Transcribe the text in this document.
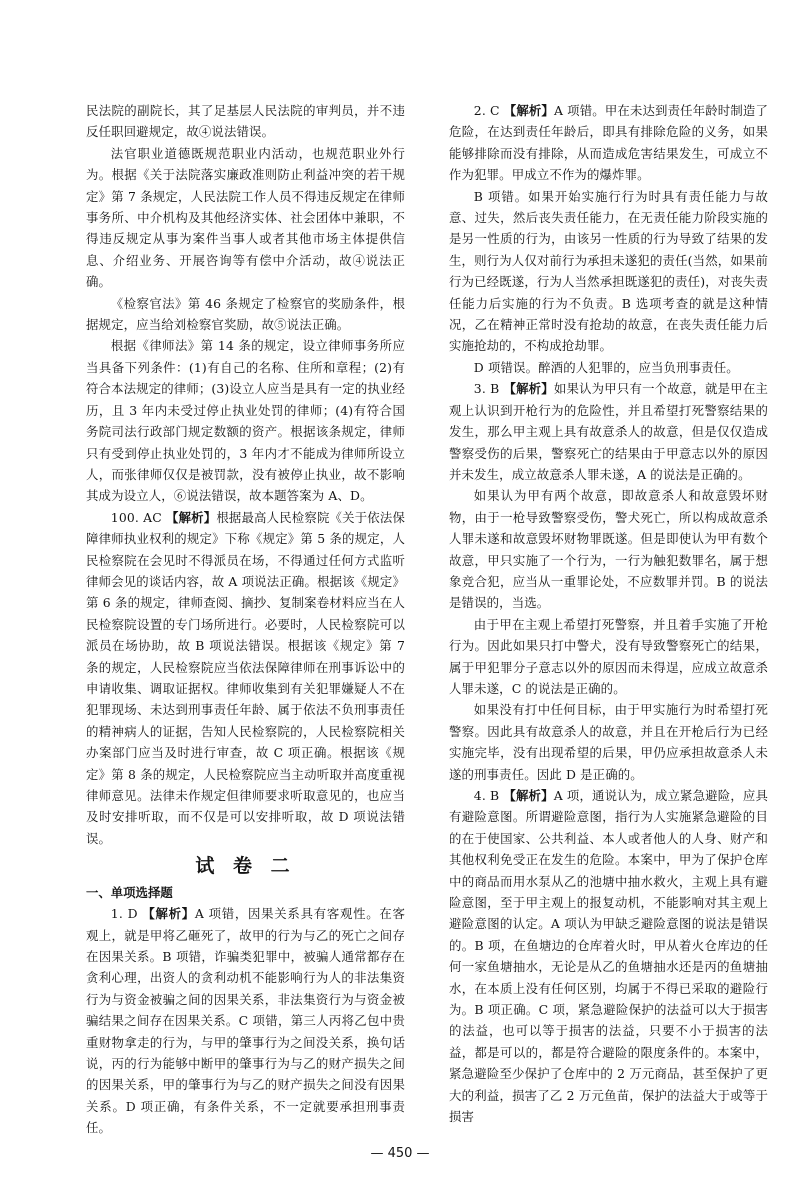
民法院的副院长，其了足基层人民法院的审判员，并不违反任职回避规定，故④说法错误。

法官职业道德既规范职业内活动，也规范职业外行为。根据《关于法院落实廉政准则防止利益冲突的若干规定》第 7 条规定，人民法院工作人员不得违反规定在律师事务所、中介机构及其他经济实体、社会团体中兼职，不得违反规定从事为案件当事人或者其他市场主体提供信息、介绍业务、开展咨询等有偿中介活动，故④说法正确。

《检察官法》第 46 条规定了检察官的奖励条件，根据规定，应当给刘检察官奖励，故⑤说法正确。

根据《律师法》第 14 条的规定，设立律师事务所应当具备下列条件：(1)有自己的名称、住所和章程；(2)有符合本法规定的律师；(3)设立人应当是具有一定的执业经历，且 3 年内未受过停止执业处罚的律师；(4)有符合国务院司法行政部门规定数额的资产。根据该条规定，律师只有受到停止执业处罚的，3 年内才不能成为律师所设立人，而张律师仅仅是被罚款，没有被停止执业，故不影响其成为设立人，⑥说法错误，故本题答案为 A、D。

100. AC 【解析】根据最高人民检察院《关于依法保障律师执业权利的规定》下称《规定》第 5 条的规定，人民检察院在会见时不得派员在场，不得通过任何方式监听律师会见的谈话内容，故 A 项说法正确。根据该《规定》第 6 条的规定，律师查阅、摘抄、复制案卷材料应当在人民检察院设置的专门场所进行。必要时，人民检察院可以派员在场协助，故 B 项说法错误。根据该《规定》第 7 条的规定，人民检察院应当依法保障律师在刑事诉讼中的申请收集、调取证据权。律师收集到有关犯罪嫌疑人不在犯罪现场、未达到刑事责任年龄、属于依法不负刑事责任的精神病人的证据，告知人民检察院的，人民检察院相关办案部门应当及时进行审查，故 C 项正确。根据该《规定》第 8 条的规定，人民检察院应当主动听取并高度重视律师意见。法律未作规定但律师要求听取意见的，也应当及时安排听取，而不仅是可以安排听取，故 D 项说法错误。

试 卷 二
一、单项选择题

1. D 【解析】A 项错，因果关系具有客观性。在客观上，就是甲将乙砸死了，故甲的行为与乙的死亡之间存在因果关系。B 项错，诈骗类犯罪中，被骗人通常都存在贪利心理，出资人的贪利动机不能影响行为人的非法集资行为与资金被骗之间的因果关系，非法集资行为与资金被骗结果之间存在因果关系。C 项错，第三人丙将乙包中贵重财物拿走的行为，与甲的肇事行为之间没关系，换句话说，丙的行为能够中断甲的肇事行为与乙的财产损失之间的因果关系，甲的肇事行为与乙的财产损失之间没有因果关系。D 项正确，有条件关系，不一定就要承担刑事责任。

2. C 【解析】A 项错。甲在未达到责任年龄时制造了危险，在达到责任年龄后，即具有排除危险的义务，如果能够排除而没有排除，从而造成危害结果发生，可成立不作为犯罪。甲成立不作为的爆炸罪。

B 项错。如果开始实施行行为时具有责任能力与故意、过失，然后丧失责任能力，在无责任能力阶段实施的是另一性质的行为，由该另一性质的行为导致了结果的发生，则行为人仅对前行为承担未遂犯的责任(当然，如果前行为已经既遂，行为人当然承担既遂犯的责任)，对丧失责任能力后实施的行为不负责。B 选项考查的就是这种情况，乙在精神正常时没有抢劫的故意，在丧失责任能力后实施抢劫的，不构成抢劫罪。

D 项错误。醉酒的人犯罪的，应当负刑事责任。

3. B 【解析】如果认为甲只有一个故意，就是甲在主观上认识到开枪行为的危险性，并且希望打死警察结果的发生，那么甲主观上具有故意杀人的故意，但是仅仅造成警察受伤的后果，警察死亡的结果由于甲意志以外的原因并未发生，成立故意杀人罪未遂，A 的说法是正确的。

如果认为甲有两个故意，即故意杀人和故意毁坏财物，由于一枪导致警察受伤，警犬死亡，所以构成故意杀人罪未遂和故意毁坏财物罪既遂。但是即使认为甲有数个故意，甲只实施了一个行为，一行为触犯数罪名，属于想象竞合犯，应当从一重罪论处，不应数罪并罚。B 的说法是错误的，当选。

由于甲在主观上希望打死警察，并且着手实施了开枪行为。因此如果只打中警犬，没有导致警察死亡的结果，属于甲犯罪分子意志以外的原因而未得逞，应成立故意杀人罪未遂，C 的说法是正确的。

如果没有打中任何目标，由于甲实施行为时希望打死警察。因此具有故意杀人的故意，并且在开枪后行为已经实施完毕，没有出现希望的后果，甲仍应承担故意杀人未遂的刑事责任。因此 D 是正确的。

4. B 【解析】A 项，通说认为，成立紧急避险，应具有避险意图。所谓避险意图，指行为人实施紧急避险的目的在于使国家、公共利益、本人或者他人的人身、财产和其他权利免受正在发生的危险。本案中，甲为了保护仓库中的商品而用水泵从乙的池塘中抽水救火，主观上具有避险意图，至于甲主观上的报复动机，不能影响对其主观上避险意图的认定。A 项认为甲缺乏避险意图的说法是错误的。B 项，在鱼塘边的仓库着火时，甲从着火仓库边的任何一家鱼塘抽水，无论是从乙的鱼塘抽水还是丙的鱼塘抽水，在本质上没有任何区别，均属于不得已采取的避险行为。B 项正确。C 项，紧急避险保护的法益可以大于损害的法益，也可以等于损害的法益，只要不小于损害的法益，都是可以的，都是符合避险的限度条件的。本案中，紧急避险至少保护了仓库中的 2 万元商品，甚至保护了更大的利益，损害了乙 2 万元鱼苗，保护的法益大于或等于损害

— 450 —
